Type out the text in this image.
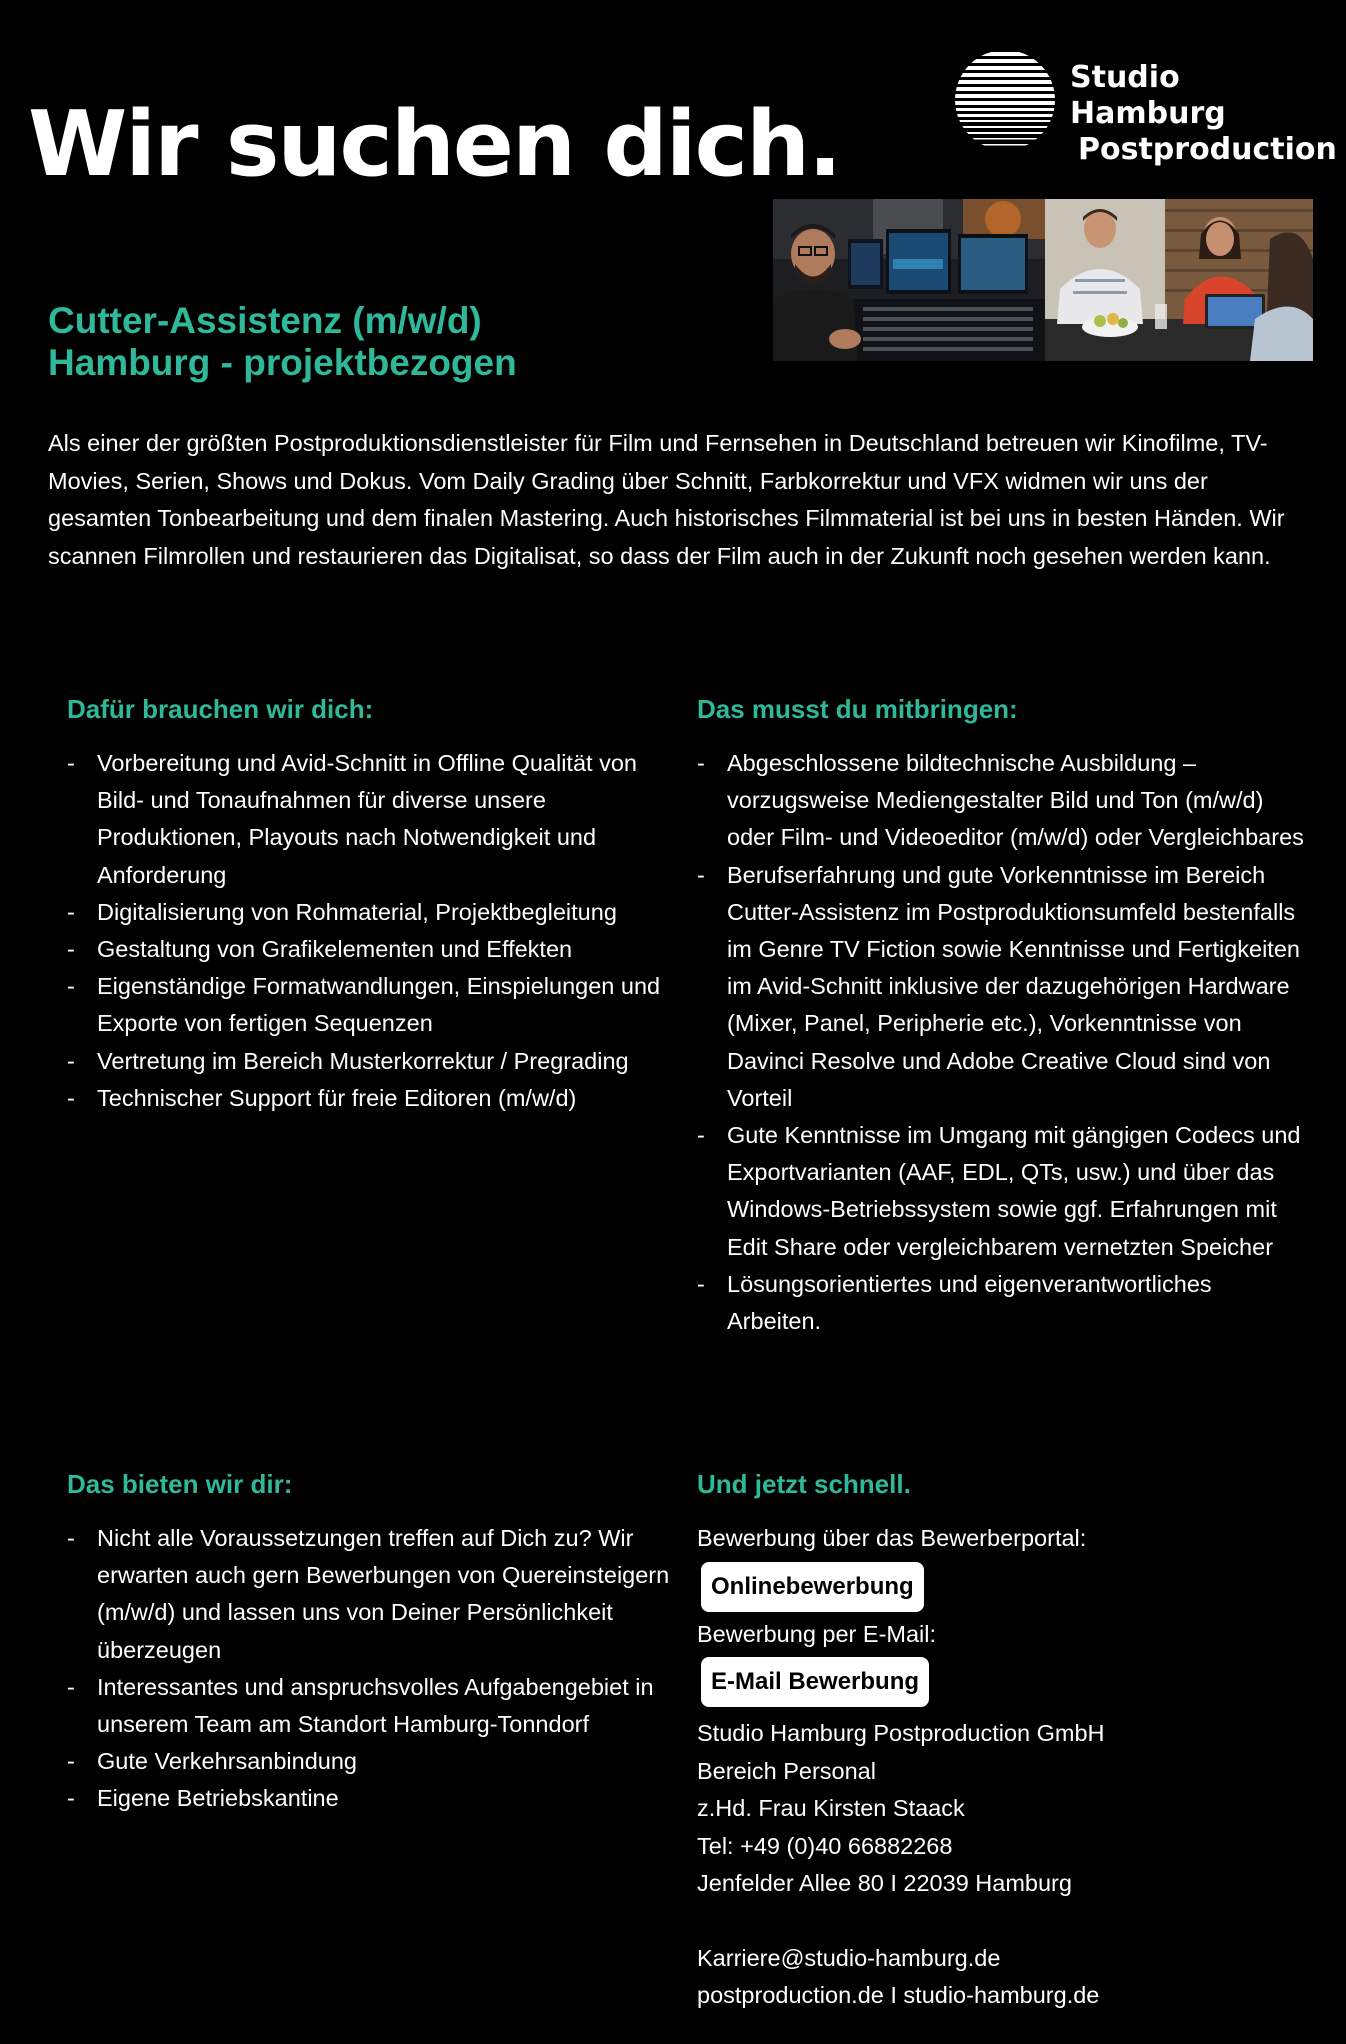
Wir suchen dich.
Studio Hamburg
Postproduction
Cutter-Assistenz (m/w/d)
Hamburg - projektbezogen

Als einer der größten Postproduktionsdienstleister für Film und Fernsehen in Deutschland betreuen wir Kinofilme, TV-Movies, Serien, Shows und Dokus. Vom Daily Grading über Schnitt, Farbkorrektur und VFX widmen wir uns der gesamten Tonbearbeitung und dem finalen Mastering. Auch historisches Filmmaterial ist bei uns in besten Händen. Wir scannen Filmrollen und restaurieren das Digitalisat, so dass der Film auch in der Zukunft noch gesehen werden kann.

Dafür brauchen wir dich:
- Vorbereitung und Avid-Schnitt in Offline Qualität von Bild- und Tonaufnahmen für diverse unsere Produktionen, Playouts nach Notwendigkeit und Anforderung
- Digitalisierung von Rohmaterial, Projektbegleitung
- Gestaltung von Grafikelementen und Effekten
- Eigenständige Formatwandlungen, Einspielungen und Exporte von fertigen Sequenzen
- Vertretung im Bereich Musterkorrektur / Pregrading
- Technischer Support für freie Editoren (m/w/d)
Das musst du mitbringen:
- Abgeschlossene bildtechnische Ausbildung – vorzugsweise Mediengestalter Bild und Ton (m/w/d) oder Film- und Videoeditor (m/w/d) oder Vergleichbares
- Berufserfahrung und gute Vorkenntnisse im Bereich Cutter-Assistenz im Postproduktionsumfeld bestenfalls im Genre TV Fiction sowie Kenntnisse und Fertigkeiten im Avid-Schnitt inklusive der dazugehörigen Hardware (Mixer, Panel, Peripherie etc.), Vorkenntnisse von Davinci Resolve und Adobe Creative Cloud sind von Vorteil
- Gute Kenntnisse im Umgang mit gängigen Codecs und Exportvarianten (AAF, EDL, QTs, usw.) und über das Windows-Betriebssystem sowie ggf. Erfahrungen mit Edit Share oder vergleichbarem vernetzten Speicher
- Lösungsorientiertes und eigenverantwortliches Arbeiten.
Das bieten wir dir:
- Nicht alle Voraussetzungen treffen auf Dich zu? Wir erwarten auch gern Bewerbungen von Quereinsteigern (m/w/d) und lassen uns von Deiner Persönlichkeit überzeugen
- Interessantes und anspruchsvolles Aufgabengebiet in unserem Team am Standort Hamburg-Tonndorf
- Gute Verkehrsanbindung
- Eigene Betriebskantine
Und jetzt schnell.

Bewerbung über das Bewerberportal:

Onlinebewerbung

Bewerbung per E-Mail:

E-Mail Bewerbung
Studio Hamburg Postproduction GmbH
Bereich Personal
z.Hd. Frau Kirsten Staack
Tel: +49 (0)40 66882268
Jenfelder Allee 80 I 22039 Hamburg
Karriere@studio-hamburg.de
postproduction.de I studio-hamburg.de
